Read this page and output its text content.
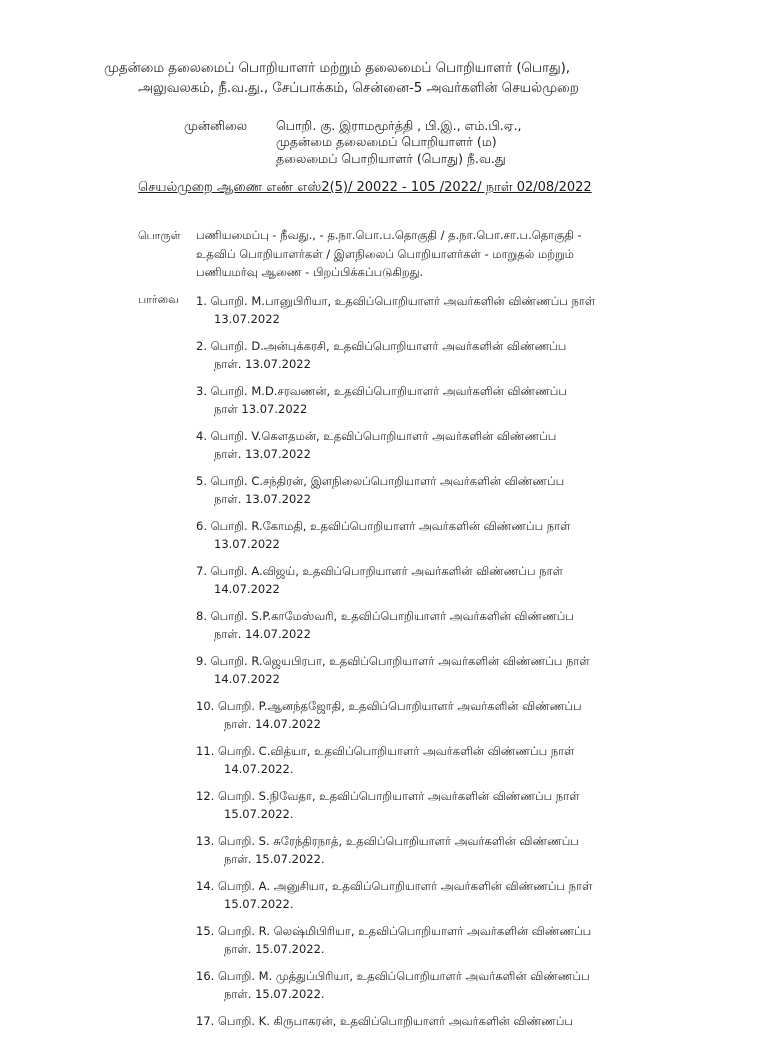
முதன்மை தலைமைப் பொறியாளர் மற்றும் தலைமைப் பொறியாளர் (பொது),
அலுவலகம், நீ.வ.து., சேப்பாக்கம், சென்னை-5 அவர்களின் செயல்முறை
முன்னிலை பொறி. கு. இராமமூர்த்தி , பி.இ., எம்.பி.ஏ.,
முதன்மை தலைமைப் பொறியாளர் (ம)
தலைமைப் பொறியாளர் (பொது) நீ.வ.து
செயல்முறை ஆணை எண் எஸ்2(5)/ 20022 - 105 /2022/ நாள் 02/08/2022
பொருள் பணியமைப்பு - நீவது., - த.நா.பொ.ப.தொகுதி / த.நா.பொ.சா.ப.தொகுதி -
உதவிப் பொறியாளர்கள் / இளநிலைப் பொறியாளர்கள் - மாறுதல் மற்றும்
பணியமர்வு ஆணை - பிறப்பிக்கப்படுகிறது.
பார்வை 1. பொறி. M.பானுபிரியா, உதவிப்பொறியாளர் அவர்களின் விண்ணப்ப நாள்
13.07.2022
2. பொறி. D.அன்புக்கரசி, உதவிப்பொறியாளர் அவர்களின் விண்ணப்ப
நாள். 13.07.2022
3. பொறி. M.D.சரவணன், உதவிப்பொறியாளர் அவர்களின் விண்ணப்ப
நாள் 13.07.2022
4. பொறி. V.கௌதமன், உதவிப்பொறியாளர் அவர்களின் விண்ணப்ப
நாள். 13.07.2022
5. பொறி. C.சந்திரன், இளநிலைப்பொறியாளர் அவர்களின் விண்ணப்ப
நாள். 13.07.2022
6. பொறி. R.கோமதி, உதவிப்பொறியாளர் அவர்களின் விண்ணப்ப நாள்
13.07.2022
7. பொறி. A.விஜய், உதவிப்பொறியாளர் அவர்களின் விண்ணப்ப நாள்
14.07.2022
8. பொறி. S.P.காமேஸ்வரி, உதவிப்பொறியாளர் அவர்களின் விண்ணப்ப
நாள். 14.07.2022
9. பொறி. R.ஜெயபிரபா, உதவிப்பொறியாளர் அவர்களின் விண்ணப்ப நாள்
14.07.2022
10. பொறி. P.ஆனந்தஜோதி, உதவிப்பொறியாளர் அவர்களின் விண்ணப்ப
நாள். 14.07.2022
11. பொறி. C.வித்யா, உதவிப்பொறியாளர் அவர்களின் விண்ணப்ப நாள்
14.07.2022.
12. பொறி. S.நிவேதா, உதவிப்பொறியாளர் அவர்களின் விண்ணப்ப நாள்
15.07.2022.
13. பொறி. S. சுரேந்திரநாத், உதவிப்பொறியாளர் அவர்களின் விண்ணப்ப
நாள். 15.07.2022.
14. பொறி. A. அனுசியா, உதவிப்பொறியாளர் அவர்களின் விண்ணப்ப நாள்
15.07.2022.
15. பொறி. R. லெஷ்மிபிரியா, உதவிப்பொறியாளர் அவர்களின் விண்ணப்ப
நாள். 15.07.2022.
16. பொறி. M. முத்துப்பிரியா, உதவிப்பொறியாளர் அவர்களின் விண்ணப்ப
நாள். 15.07.2022.
17. பொறி. K. கிருபாகரன், உதவிப்பொறியாளர் அவர்களின் விண்ணப்ப
